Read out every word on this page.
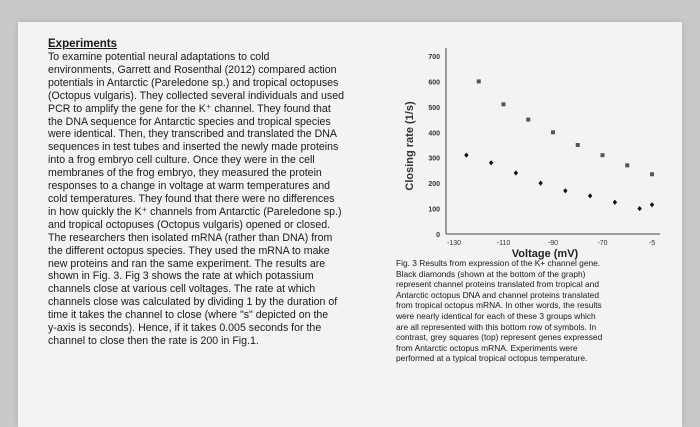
Experiments
To examine potential neural adaptations to cold
environments, Garrett and Rosenthal (2012) compared action
potentials in Antarctic (Pareledone sp.) and tropical octopuses
(Octopus vulgaris). They collected several individuals and used
PCR to amplify the gene for the K⁺ channel. They found that
the DNA sequence for Antarctic species and tropical species
were identical. Then, they transcribed and translated the DNA
sequences in test tubes and inserted the newly made proteins
into a frog embryo cell culture. Once they were in the cell
membranes of the frog embryo, they measured the protein
responses to a change in voltage at warm temperatures and
cold temperatures. They found that there were no differences
in how quickly the K⁺ channels from Antarctic (Pareledone sp.)
and tropical octopuses (Octopus vulgaris) opened or closed.
The researchers then isolated mRNA (rather than DNA) from
the different octopus species. They used the mRNA to make
new proteins and ran the same experiment. The results are
shown in Fig. 3. Fig 3 shows the rate at which potassium
channels close at various cell voltages. The rate at which
channels close was calculated by dividing 1 by the duration of
time it takes the channel to close (where "s" depicted on the
y-axis is seconds). Hence, if it takes 0.005 seconds for the
channel to close then the rate is 200 in Fig.1.
Closing rate (1/s)
0
100
200
300
400
500
600
700
-130	-110	-90	-70	-5
Voltage (mV)
Fig. 3 Results from expression of the K+ channel gene.
Black diamonds (shown at the bottom of the graph)
represent channel proteins translated from tropical and
Antarctic octopus DNA and channel proteins translated
from tropical octopus mRNA. In other words, the results
were nearly identical for each of these 3 groups which
are all represented with this bottom row of symbols. In
contrast, grey squares (top) represent genes expressed
from Antarctic octopus mRNA. Experiments were
performed at a typical tropical octopus temperature.
